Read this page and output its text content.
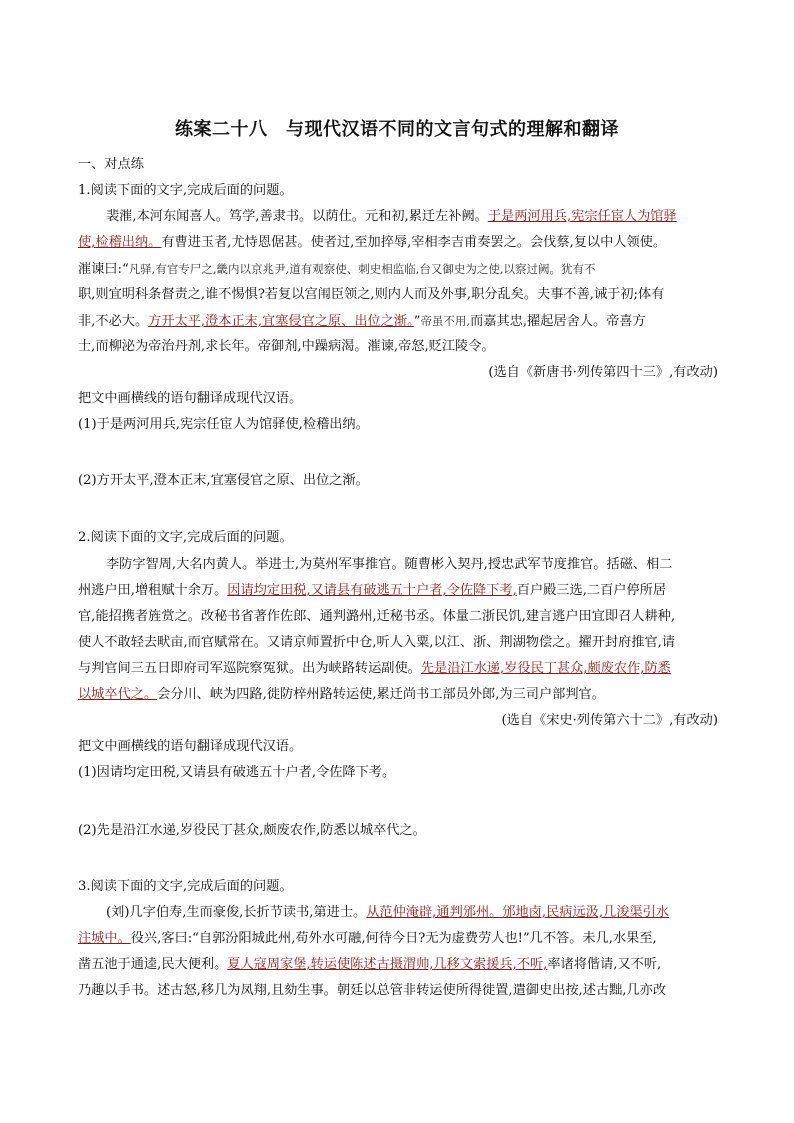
练案二十八　与现代汉语不同的文言句式的理解和翻译
一、对点练
1.阅读下面的文字,完成后面的问题。
裴漼,本河东闻喜人。笃学,善隶书。以荫仕。元和初,累迁左补阙。于是两河用兵,宪宗任宦人为馆驿
使,检稽出纳。有曹进玉者,尤恃恩倨甚。使者过,至加捽辱,宰相李吉甫奏罢之。会伐蔡,复以中人领使。
漼谏曰:“凡驿,有官专尸之,畿内以京兆尹,道有观察使、刺史相监临,台又御史为之使,以察过阙。犹有不
职,则宜明科条督责之,谁不惕惧?若复以宫闱臣领之,则内人而及外事,职分乱矣。夫事不善,诫于初;体有
非,不必大。方开太平,澄本正末,宜塞侵官之原、出位之渐。”帝虽不用,而嘉其忠,擢起居舍人。帝喜方
士,而柳泌为帝治丹剂,求长年。帝御剂,中躁病渴。漼谏,帝怒,贬江陵令。
(选自《新唐书·列传第四十三》,有改动)
把文中画横线的语句翻译成现代汉语。
(1)于是两河用兵,宪宗任宦人为馆驿使,检稽出纳。
(2)方开太平,澄本正末,宜塞侵官之原、出位之渐。
2.阅读下面的文字,完成后面的问题。
李防字智周,大名内黄人。举进士,为莫州军事推官。随曹彬入契丹,授忠武军节度推官。括磁、相二
州逃户田,增租赋十余万。因请均定田税,又请县有破逃五十户者,令佐降下考,百户殿三选,二百户停所居
官,能招携者旌赏之。改秘书省著作佐郎、通判潞州,迁秘书丞。体量二浙民饥,建言逃户田宜即召人耕种,
使人不敢轻去畎亩,而官赋常在。又请京师置折中仓,听人入粟,以江、浙、荆湖物偿之。擢开封府推官,请
与判官间三五日即府司军巡院察冤狱。出为峡路转运副使。先是沿江水递,岁役民丁甚众,颇废农作,防悉
以城卒代之。会分川、峡为四路,徙防梓州路转运使,累迁尚书工部员外郎,为三司户部判官。
(选自《宋史·列传第六十二》,有改动)
把文中画横线的语句翻译成现代汉语。
(1)因请均定田税,又请县有破逃五十户者,令佐降下考。
(2)先是沿江水递,岁役民丁甚众,颇废农作,防悉以城卒代之。
3.阅读下面的文字,完成后面的问题。
(刘)几字伯寿,生而豪俊,长折节读书,第进士。从范仲淹辟,通判邠州。邠地卤,民病远汲,几浚渠引水
注城中。役兴,客曰:“自郭汾阳城此州,苟外水可融,何待今日?无为虚费劳人也!”几不答。未几,水果至,
凿五池于通逵,民大便利。夏人寇周家堡,转运使陈述古摄渭帅,几移文索援兵,不听,率诸将偕请,又不听,
乃趣以手书。述古怒,移几为凤翔,且劾生事。朝廷以总管非转运使所得徙置,遣御史出按,述古黜,几亦改
